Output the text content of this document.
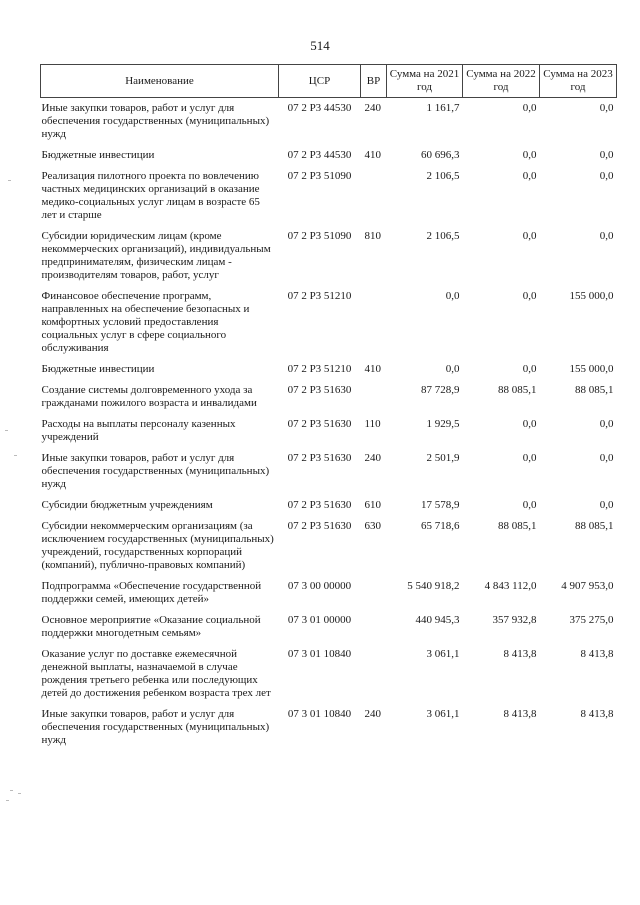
514
Наименование	ЦСР	ВР	Сумма на 2021 год	Сумма на 2022 год	Сумма на 2023 год
Иные закупки товаров, работ и услуг для обеспечения государственных (муниципальных) нужд	07 2 P3 44530	240	1 161,7	0,0	0,0
Бюджетные инвестиции	07 2 P3 44530	410	60 696,3	0,0	0,0
Реализация пилотного проекта по вовлечению частных медицинских организаций в оказание медико-социальных услуг лицам в возрасте 65 лет и старше	07 2 P3 51090		2 106,5	0,0	0,0
Субсидии юридическим лицам (кроме некоммерческих организаций), индивидуальным предпринимателям, физическим лицам - производителям товаров, работ, услуг	07 2 P3 51090	810	2 106,5	0,0	0,0
Финансовое обеспечение программ, направленных на обеспечение безопасных и комфортных условий предоставления социальных услуг в сфере социального обслуживания	07 2 P3 51210		0,0	0,0	155 000,0
Бюджетные инвестиции	07 2 P3 51210	410	0,0	0,0	155 000,0
Создание системы долговременного ухода за гражданами пожилого возраста и инвалидами	07 2 P3 51630		87 728,9	88 085,1	88 085,1
Расходы на выплаты персоналу казенных учреждений	07 2 P3 51630	110	1 929,5	0,0	0,0
Иные закупки товаров, работ и услуг для обеспечения государственных (муниципальных) нужд	07 2 P3 51630	240	2 501,9	0,0	0,0
Субсидии бюджетным учреждениям	07 2 P3 51630	610	17 578,9	0,0	0,0
Субсидии некоммерческим организациям (за исключением государственных (муниципальных) учреждений, государственных корпораций (компаний), публично-правовых компаний)	07 2 P3 51630	630	65 718,6	88 085,1	88 085,1
Подпрограмма «Обеспечение государственной поддержки семей, имеющих детей»	07 3 00 00000		5 540 918,2	4 843 112,0	4 907 953,0
Основное мероприятие «Оказание социальной поддержки многодетным семьям»	07 3 01 00000		440 945,3	357 932,8	375 275,0
Оказание услуг по доставке ежемесячной денежной выплаты, назначаемой в случае рождения третьего ребенка или последующих детей до достижения ребенком возраста трех лет	07 3 01 10840		3 061,1	8 413,8	8 413,8
Иные закупки товаров, работ и услуг для обеспечения государственных (муниципальных) нужд	07 3 01 10840	240	3 061,1	8 413,8	8 413,8
